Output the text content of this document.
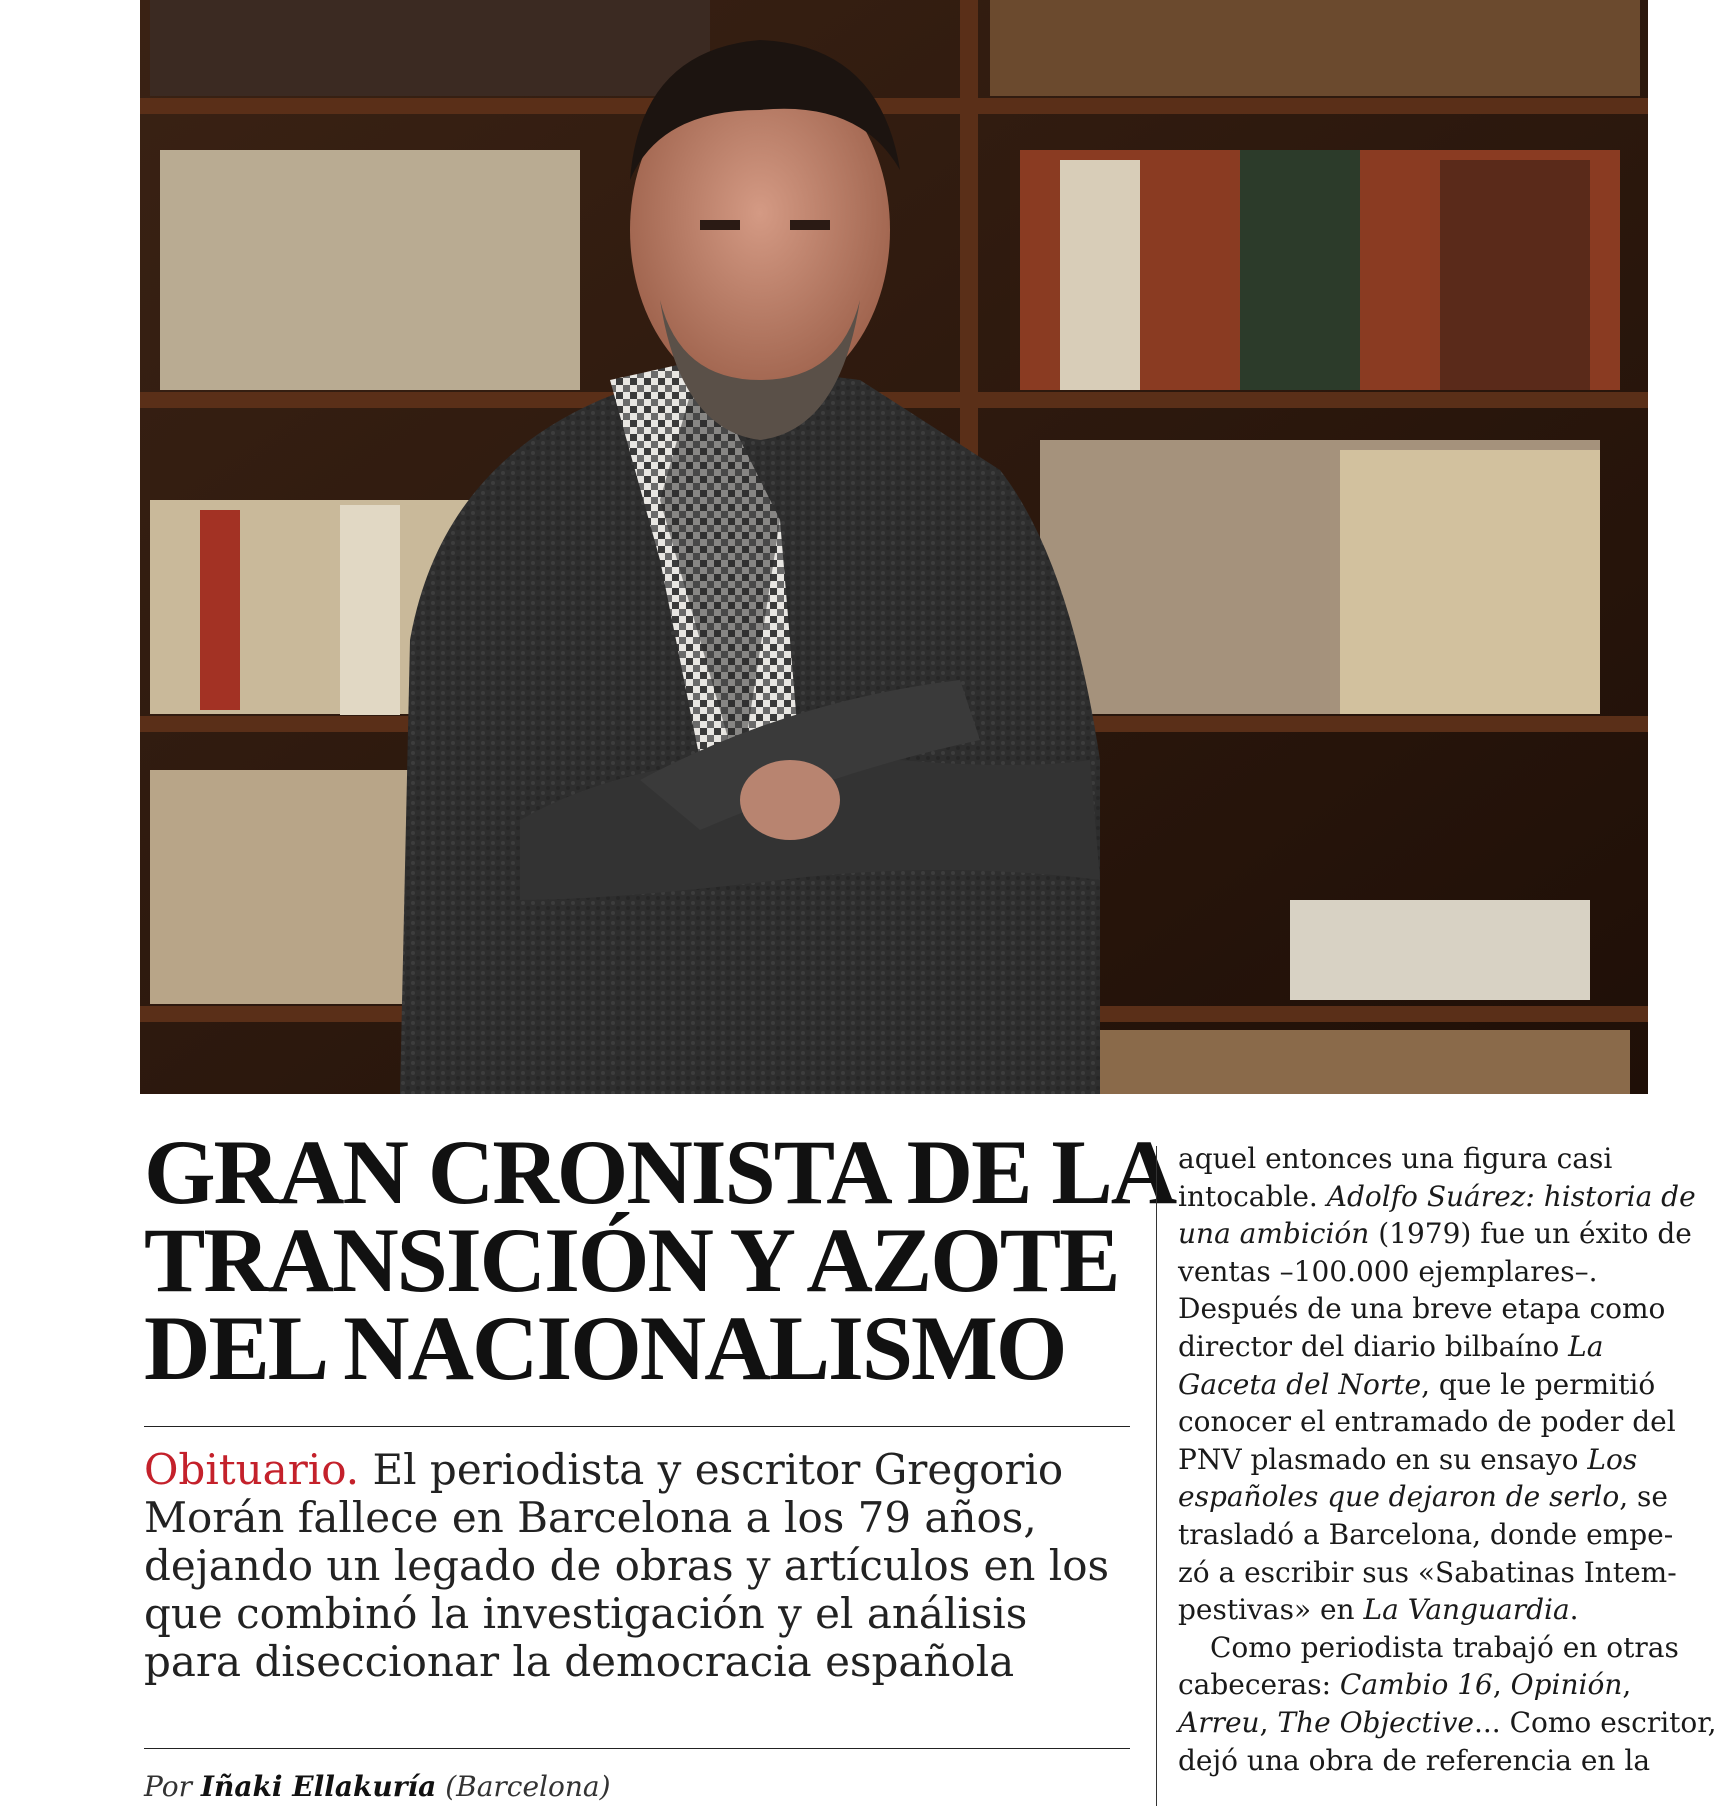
GRAN CRONISTA DE LA
TRANSICIÓN Y AZOTE
DEL NACIONALISMO
Obituario. El periodista y escritor Gregorio
Morán fallece en Barcelona a los 79 años,
dejando un legado de obras y artículos en los
que combinó la investigación y el análisis
para diseccionar la democracia española
Por Iñaki Ellakuría (Barcelona)
aquel entonces una figura casi
intocable. Adolfo Suárez: historia de
una ambición (1979) fue un éxito de
ventas –100.000 ejemplares–.
Después de una breve etapa como
director del diario bilbaíno La
Gaceta del Norte, que le permitió
conocer el entramado de poder del
PNV plasmado en su ensayo Los
españoles que dejaron de serlo, se
trasladó a Barcelona, donde empe-
zó a escribir sus «Sabatinas Intem-
pestivas» en La Vanguardia.
Como periodista trabajó en otras
cabeceras: Cambio 16, Opinión,
Arreu, The Objective... Como escritor,
dejó una obra de referencia en la
